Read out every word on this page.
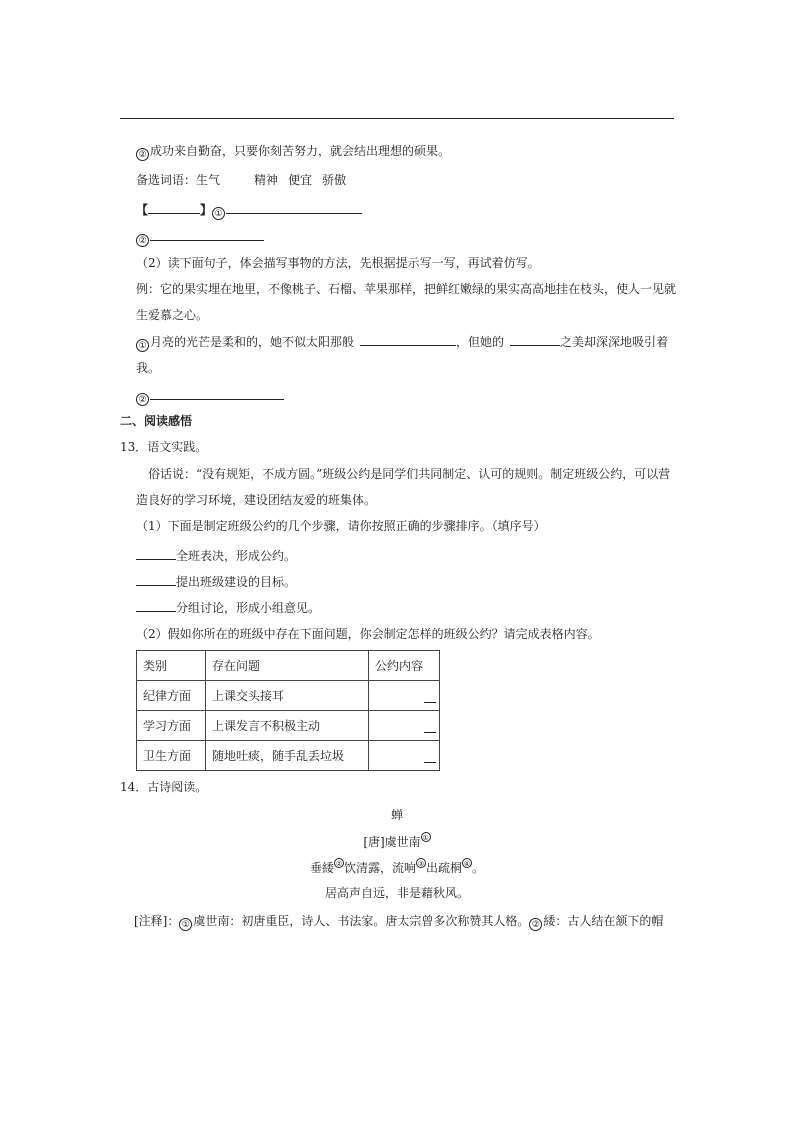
② 成功来自勤奋，只要你刻苦努力，就会结出理想的硕果。
备选词语：生气	精神 便宜 骄傲
【	】 ①
②
（2）读下面句子，体会描写事物的方法，先根据提示写一写，再试着仿写。
例：它的果实埋在地里，不像桃子、石榴、苹果那样，把鲜红嫩绿的果实高高地挂在枝头，使人一见就
生爱慕之心。
① 月亮的光芒是柔和的，她不似太阳那般	，但她的	之美却深深地吸引着
我。
②
二、阅读感悟
13．语文实践。
俗话说：“没有规矩，不成方圆。”班级公约是同学们共同制定、认可的规则。制定班级公约，可以营
造良好的学习环境，建设团结友爱的班集体。
（1）下面是制定班级公约的几个步骤，请你按照正确的步骤排序。（填序号）
全班表决，形成公约。
提出班级建设的目标。
分组讨论，形成小组意见。
（2）假如你所在的班级中存在下面问题，你会制定怎样的班级公约？请完成表格内容。
类别	存在问题	公约内容
纪律方面	上课交头接耳	

学习方面	上课发言不积极主动	

卫生方面	随地吐痰，随手乱丢垃圾	
14．古诗阅读。
蝉
[唐]虞世南 ①
垂緌 ② 饮清露，流响 ③ 出疏桐 ④ 。
居高声自远，非是藉秋风。
[注释]： ① 虞世南：初唐重臣，诗人、书法家。唐太宗曾多次称赞其人格。 ② 緌：古人结在颔下的帽
